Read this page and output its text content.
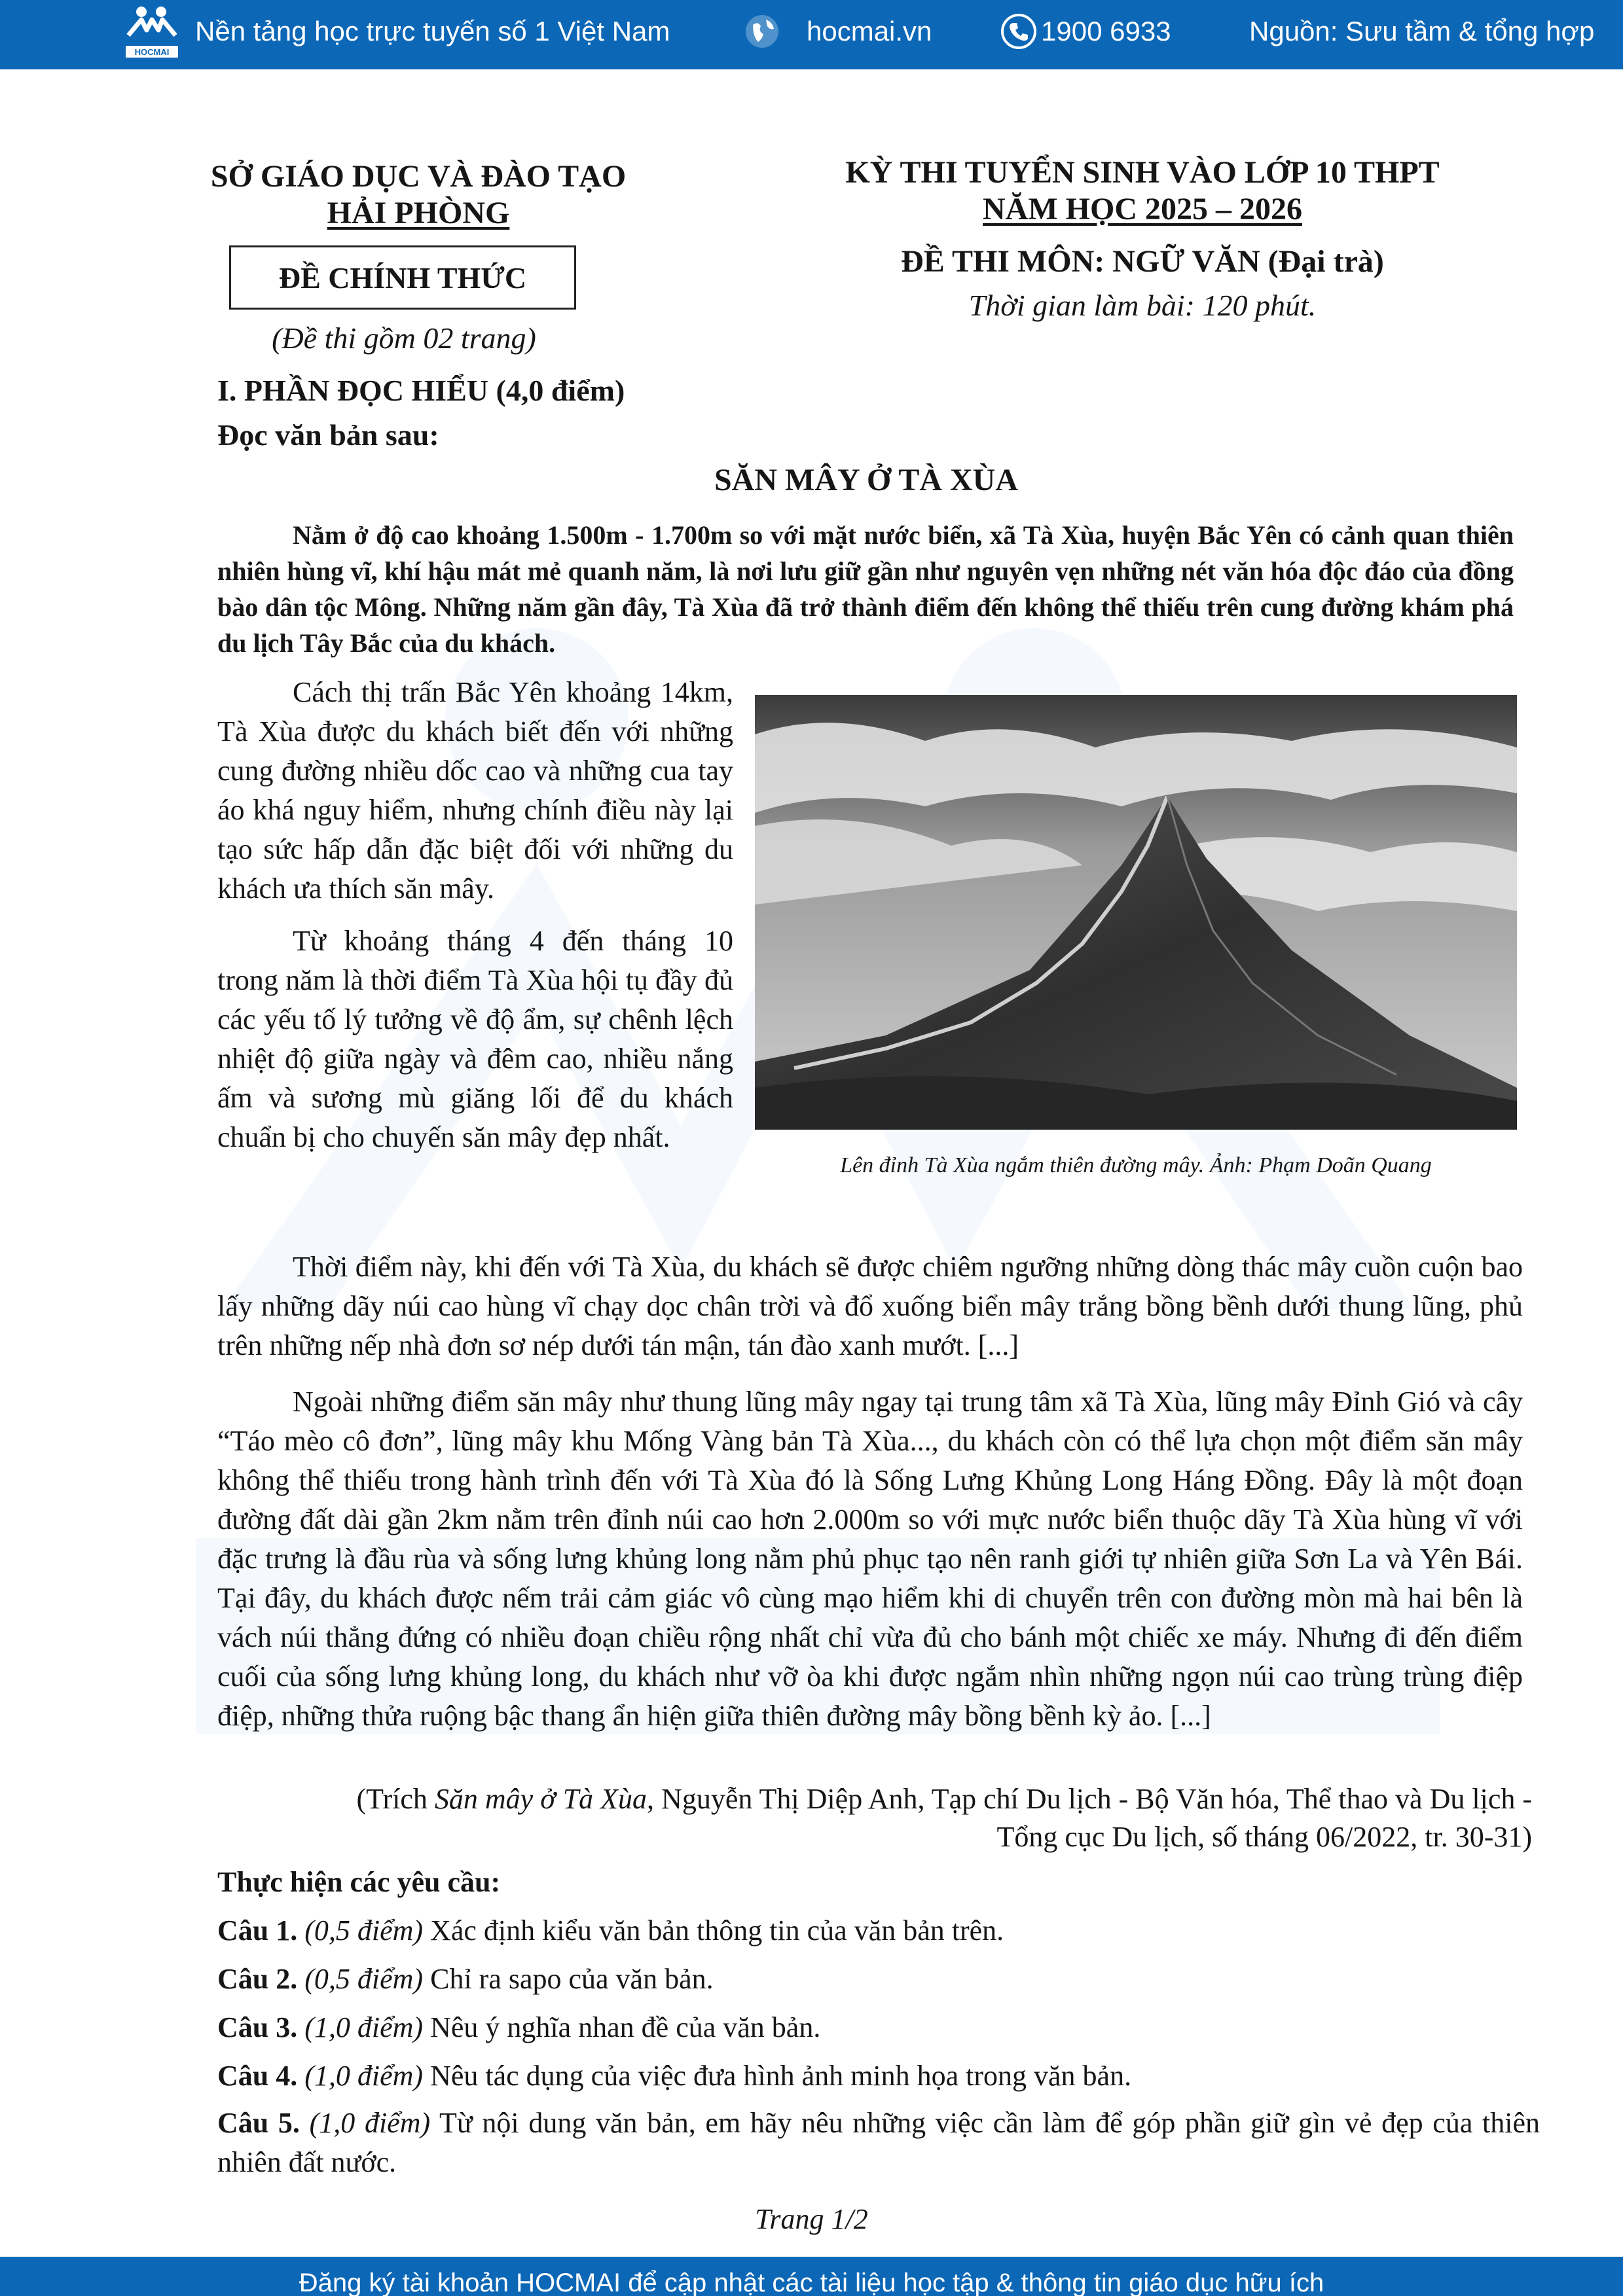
HOCMAI
Nền tảng học trực tuyến số 1 Việt Nam	hocmai.vn	1900 6933	Nguồn: Sưu tầm & tổng hợp
SỞ GIÁO DỤC VÀ ĐÀO TẠO
HẢI PHÒNG
ĐỀ CHÍNH THỨC
(Đề thi gồm 02 trang)
KỲ THI TUYỂN SINH VÀO LỚP 10 THPT
NĂM HỌC 2025 – 2026
ĐỀ THI MÔN: NGỮ VĂN (Đại trà)
Thời gian làm bài: 120 phút.
I. PHẦN ĐỌC HIỂU (4,0 điểm)
Đọc văn bản sau:
SĂN MÂY Ở TÀ XÙA
Nằm ở độ cao khoảng 1.500m - 1.700m so với mặt nước biển, xã Tà Xùa, huyện Bắc Yên có cảnh quan thiên nhiên hùng vĩ, khí hậu mát mẻ quanh năm, là nơi lưu giữ gần như nguyên vẹn những nét văn hóa độc đáo của đồng bào dân tộc Mông. Những năm gần đây, Tà Xùa đã trở thành điểm đến không thể thiếu trên cung đường khám phá du lịch Tây Bắc của du khách.

Cách thị trấn Bắc Yên khoảng 14km, Tà Xùa được du khách biết đến với những cung đường nhiều dốc cao và những cua tay áo khá nguy hiểm, nhưng chính điều này lại tạo sức hấp dẫn đặc biệt đối với những du khách ưa thích săn mây.

Từ khoảng tháng 4 đến tháng 10 trong năm là thời điểm Tà Xùa hội tụ đầy đủ các yếu tố lý tưởng về độ ẩm, sự chênh lệch nhiệt độ giữa ngày và đêm cao, nhiều nắng ấm và sương mù giăng lối để du khách chuẩn bị cho chuyến săn mây đẹp nhất.

Lên đỉnh Tà Xùa ngắm thiên đường mây. Ảnh: Phạm Doãn Quang
Thời điểm này, khi đến với Tà Xùa, du khách sẽ được chiêm ngưỡng những dòng thác mây cuồn cuộn bao lấy những dãy núi cao hùng vĩ chạy dọc chân trời và đổ xuống biển mây trắng bồng bềnh dưới thung lũng, phủ trên những nếp nhà đơn sơ nép dưới tán mận, tán đào xanh mướt. [...]
Ngoài những điểm săn mây như thung lũng mây ngay tại trung tâm xã Tà Xùa, lũng mây Đỉnh Gió và cây “Táo mèo cô đơn”, lũng mây khu Mống Vàng bản Tà Xùa..., du khách còn có thể lựa chọn một điểm săn mây không thể thiếu trong hành trình đến với Tà Xùa đó là Sống Lưng Khủng Long Háng Đồng. Đây là một đoạn đường đất dài gần 2km nằm trên đỉnh núi cao hơn 2.000m so với mực nước biển thuộc dãy Tà Xùa hùng vĩ với đặc trưng là đầu rùa và sống lưng khủng long nằm phủ phục tạo nên ranh giới tự nhiên giữa Sơn La và Yên Bái. Tại đây, du khách được nếm trải cảm giác vô cùng mạo hiểm khi di chuyển trên con đường mòn mà hai bên là vách núi thẳng đứng có nhiều đoạn chiều rộng nhất chỉ vừa đủ cho bánh một chiếc xe máy. Nhưng đi đến điểm cuối của sống lưng khủng long, du khách như vỡ òa khi được ngắm nhìn những ngọn núi cao trùng trùng điệp điệp, những thửa ruộng bậc thang ẩn hiện giữa thiên đường mây bồng bềnh kỳ ảo. [...]
(Trích Săn mây ở Tà Xùa, Nguyễn Thị Diệp Anh, Tạp chí Du lịch - Bộ Văn hóa, Thể thao và Du lịch -
Tổng cục Du lịch, số tháng 06/2022, tr. 30-31)
Thực hiện các yêu cầu:
Câu 1. (0,5 điểm) Xác định kiểu văn bản thông tin của văn bản trên.
Câu 2. (0,5 điểm) Chỉ ra sapo của văn bản.
Câu 3. (1,0 điểm) Nêu ý nghĩa nhan đề của văn bản.
Câu 4. (1,0 điểm) Nêu tác dụng của việc đưa hình ảnh minh họa trong văn bản.
Câu 5. (1,0 điểm) Từ nội dung văn bản, em hãy nêu những việc cần làm để góp phần giữ gìn vẻ đẹp của thiên nhiên đất nước.
Trang 1/2
Đăng ký tài khoản HOCMAI để cập nhật các tài liệu học tập & thông tin giáo dục hữu ích
